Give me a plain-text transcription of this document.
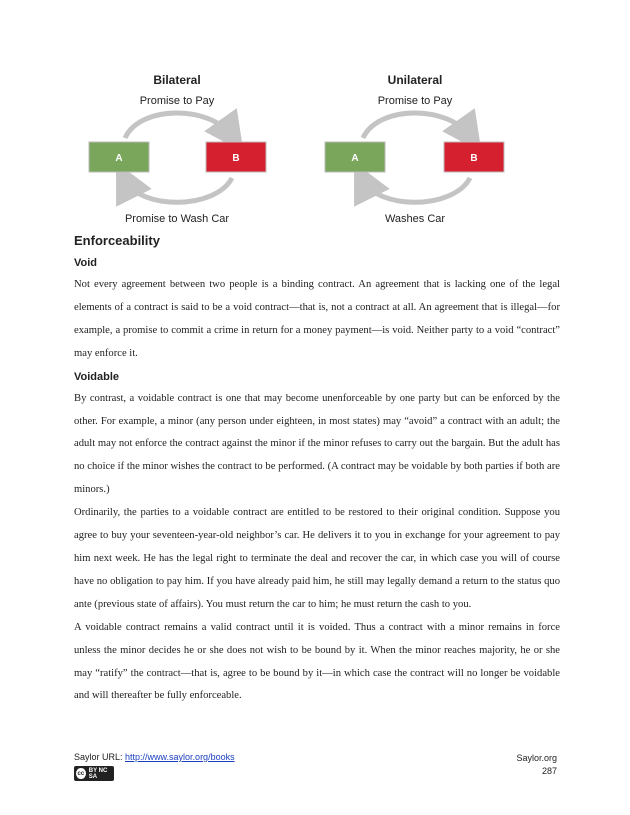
Bilateral
Promise to Pay
A	B
Promise to Wash Car
Unilateral
Promise to Pay
A	B
Washes Car
Enforceability
Void

Not every agreement between two people is a binding contract. An agreement that is lacking one of the legal elements of a contract is said to be a void contract—that is, not a contract at all. An agreement that is illegal—for example, a promise to commit a crime in return for a money payment—is void. Neither party to a void “contract” may enforce it.

Voidable

By contrast, a voidable contract is one that may become unenforceable by one party but can be enforced by the other. For example, a minor (any person under eighteen, in most states) may “avoid” a contract with an adult; the adult may not enforce the contract against the minor if the minor refuses to carry out the bargain. But the adult has no choice if the minor wishes the contract to be performed. (A contract may be voidable by both parties if both are minors.)

Ordinarily, the parties to a voidable contract are entitled to be restored to their original condition. Suppose you agree to buy your seventeen-year-old neighbor’s car. He delivers it to you in exchange for your agreement to pay him next week. He has the legal right to terminate the deal and recover the car, in which case you will of course have no obligation to pay him. If you have already paid him, he still may legally demand a return to the status quo ante (previous state of affairs). You must return the car to him; he must return the cash to you.

A voidable contract remains a valid contract until it is voided. Thus a contract with a minor remains in force unless the minor decides he or she does not wish to be bound by it. When the minor reaches majority, he or she may “ratify” the contract—that is, agree to be bound by it—in which case the contract will no longer be voidable and will thereafter be fully enforceable.

Saylor URL: http://www.saylor.org/books
cc BY NC SA
Saylor.org
287
